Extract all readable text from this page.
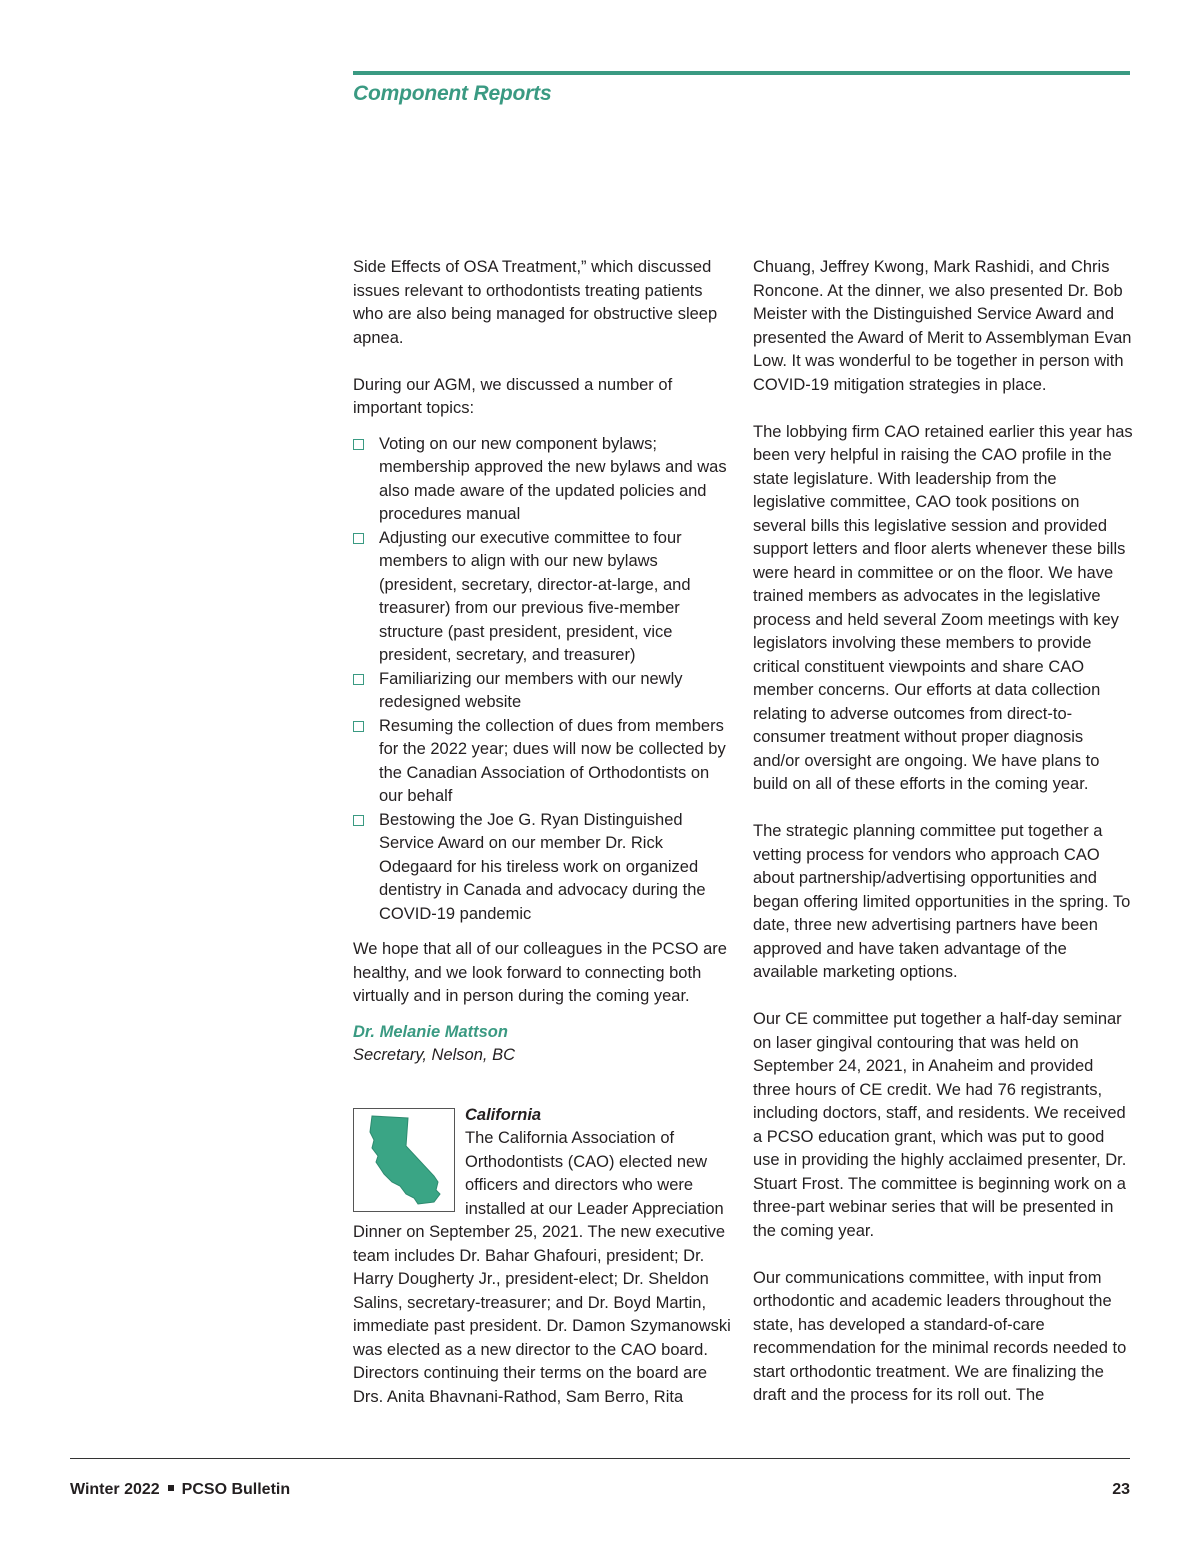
Component Reports

Side Effects of OSA Treatment,” which discussed issues relevant to orthodontists treating patients who are also being managed for obstructive sleep apnea.

During our AGM, we discussed a number of important topics:

Voting on our new component bylaws; membership approved the new bylaws and was also made aware of the updated policies and procedures manual
Adjusting our executive committee to four members to align with our new bylaws (president, secretary, director-at-large, and treasurer) from our previous five-member structure (past president, president, vice president, secretary, and treasurer)
Familiarizing our members with our newly redesigned website
Resuming the collection of dues from members for the 2022 year; dues will now be collected by the Canadian Association of Orthodontists on our behalf
Bestowing the Joe G. Ryan Distinguished Service Award on our member Dr. Rick Odegaard for his tireless work on organized dentistry in Canada and advocacy during the COVID-19 pandemic

We hope that all of our colleagues in the PCSO are healthy, and we look forward to connecting both virtually and in person during the coming year.

Dr. Melanie Mattson

Secretary, Nelson, BC

California

The California Association of Orthodontists (CAO) elected new officers and directors who were installed at our Leader Appreciation Dinner on September 25, 2021. The new executive team includes Dr. Bahar Ghafouri, president; Dr. Harry Dougherty Jr., president-elect; Dr. Sheldon Salins, secretary-treasurer; and Dr. Boyd Martin, immediate past president. Dr. Damon Szymanowski was elected as a new director to the CAO board. Directors continuing their terms on the board are Drs. Anita Bhavnani-Rathod, Sam Berro, Rita

Chuang, Jeffrey Kwong, Mark Rashidi, and Chris Roncone. At the dinner, we also presented Dr. Bob Meister with the Distinguished Service Award and presented the Award of Merit to Assemblyman Evan Low. It was wonderful to be together in person with COVID-19 mitigation strategies in place.

The lobbying firm CAO retained earlier this year has been very helpful in raising the CAO profile in the state legislature. With leadership from the legislative committee, CAO took positions on several bills this legislative session and provided support letters and floor alerts whenever these bills were heard in committee or on the floor. We have trained members as advocates in the legislative process and held several Zoom meetings with key legislators involving these members to provide critical constituent viewpoints and share CAO member concerns. Our efforts at data collection relating to adverse outcomes from direct-to-consumer treatment without proper diagnosis and/or oversight are ongoing. We have plans to build on all of these efforts in the coming year.

The strategic planning committee put together a vetting process for vendors who approach CAO about partnership/advertising opportunities and began offering limited opportunities in the spring. To date, three new advertising partners have been approved and have taken advantage of the available marketing options.

Our CE committee put together a half-day seminar on laser gingival contouring that was held on September 24, 2021, in Anaheim and provided three hours of CE credit. We had 76 registrants, including doctors, staff, and residents. We received a PCSO education grant, which was put to good use in providing the highly acclaimed presenter, Dr. Stuart Frost. The committee is beginning work on a three-part webinar series that will be presented in the coming year.

Our communications committee, with input from orthodontic and academic leaders throughout the state, has developed a standard-of-care recommendation for the minimal records needed to start orthodontic treatment. We are finalizing the draft and the process for its roll out. The

Winter 2022 PCSO Bulletin	23
